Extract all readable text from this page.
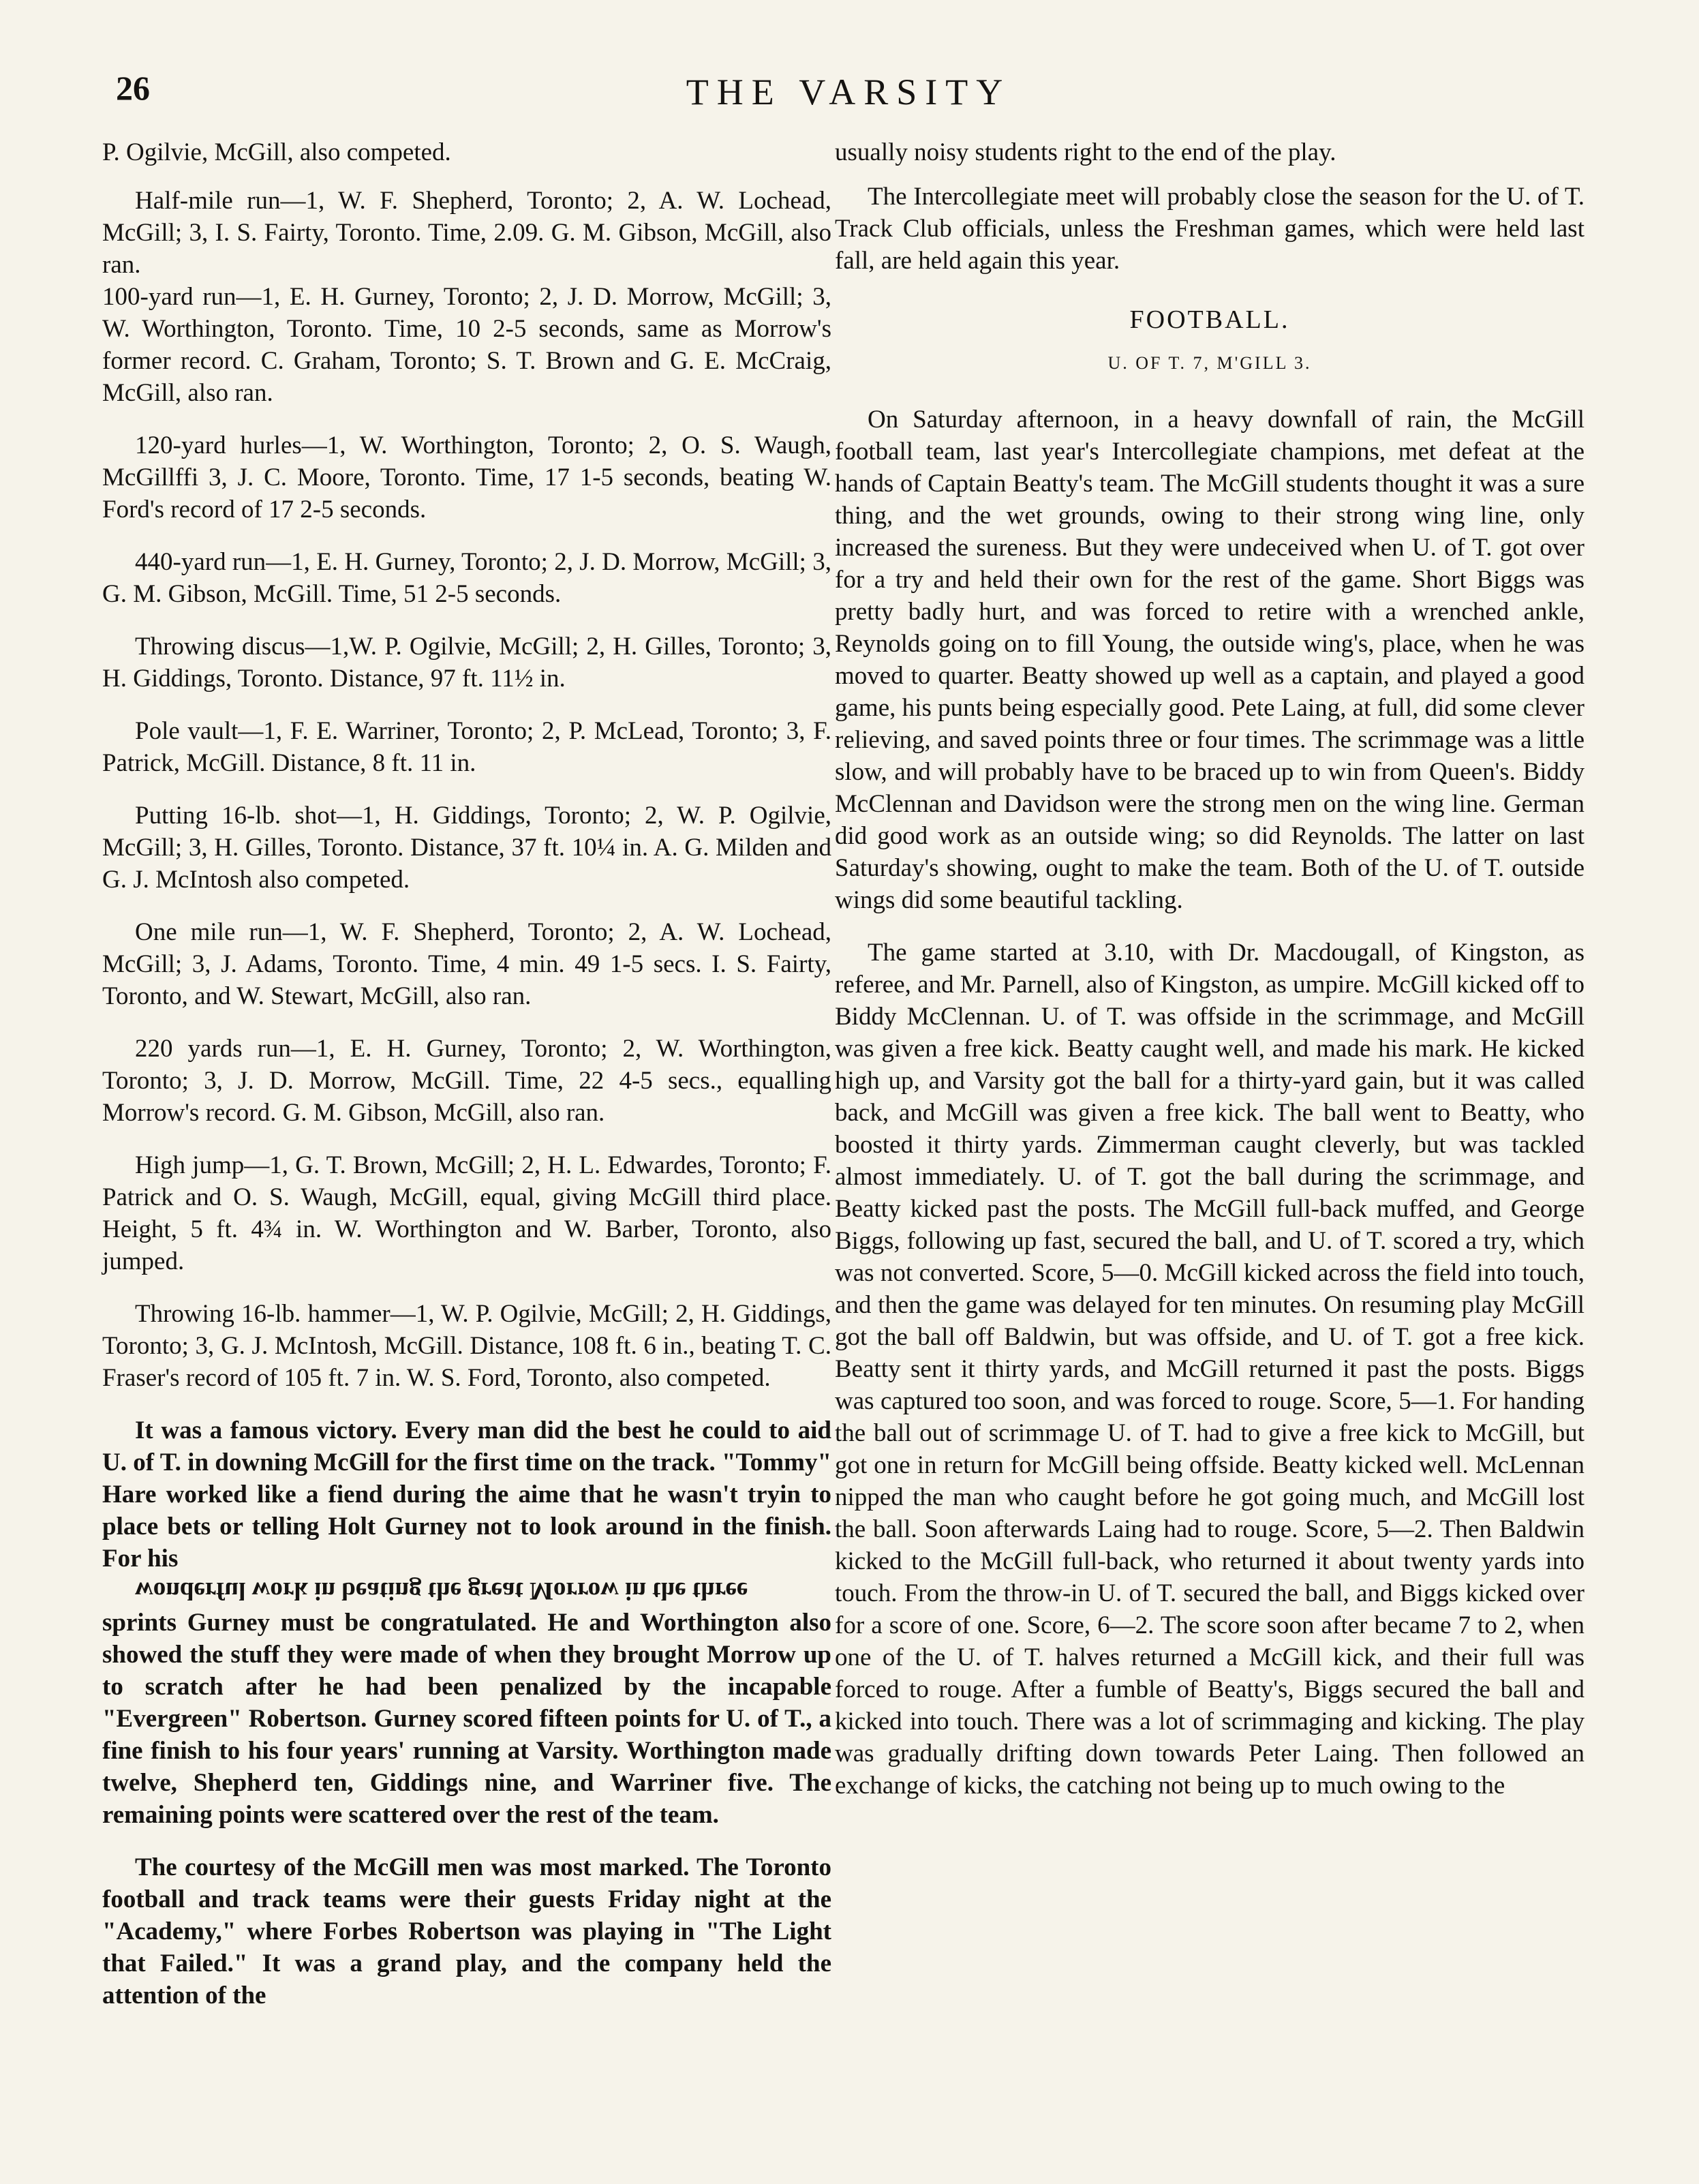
26	THE VARSITY

P. Ogilvie, McGill, also competed.

Half-mile run—1, W. F. Shepherd, Toronto; 2, A. W. Lochead, McGill; 3, I. S. Fairty, Toronto. Time, 2.09. G. M. Gibson, McGill, also ran.

100-yard run—1, E. H. Gurney, Toronto; 2, J. D. Morrow, McGill; 3, W. Worthington, Toronto. Time, 10 2-5 seconds, same as Morrow's former record. C. Graham, Toronto; S. T. Brown and G. E. McCraig, McGill, also ran.

120-yard hurles—1, W. Worthington, Toronto; 2, O. S. Waugh, McGillffi 3, J. C. Moore, Toronto. Time, 17 1-5 seconds, beating W. Ford's record of 17 2-5 seconds.

440-yard run—1, E. H. Gurney, Toronto; 2, J. D. Morrow, McGill; 3, G. M. Gibson, McGill. Time, 51 2-5 seconds.

Throwing discus—1,W. P. Ogilvie, McGill; 2, H. Gilles, Toronto; 3, H. Giddings, Toronto. Distance, 97 ft. 11½ in.

Pole vault—1, F. E. Warriner, Toronto; 2, P. McLead, Toronto; 3, F. Patrick, McGill. Distance, 8 ft. 11 in.

Putting 16-lb. shot—1, H. Giddings, Toronto; 2, W. P. Ogilvie, McGill; 3, H. Gilles, Toronto. Distance, 37 ft. 10¼ in. A. G. Milden and G. J. McIntosh also competed.

One mile run—1, W. F. Shepherd, Toronto; 2, A. W. Lochead, McGill; 3, J. Adams, Toronto. Time, 4 min. 49 1-5 secs. I. S. Fairty, Toronto, and W. Stewart, McGill, also ran.

220 yards run—1, E. H. Gurney, Toronto; 2, W. Worthington, Toronto; 3, J. D. Morrow, McGill. Time, 22 4-5 secs., equalling Morrow's record. G. M. Gibson, McGill, also ran.

High jump—1, G. T. Brown, McGill; 2, H. L. Edwardes, Toronto; F. Patrick and O. S. Waugh, McGill, equal, giving McGill third place. Height, 5 ft. 4¾ in. W. Worthington and W. Barber, Toronto, also jumped.

Throwing 16-lb. hammer—1, W. P. Ogilvie, McGill; 2, H. Giddings, Toronto; 3, G. J. McIntosh, McGill. Distance, 108 ft. 6 in., beating T. C. Fraser's record of 105 ft. 7 in. W. S. Ford, Toronto, also competed.

It was a famous victory. Every man did the best he could to aid U. of T. in downing McGill for the first time on the track. "Tommy" Hare worked like a fiend during the aime that he wasn't tryin to place bets or telling Holt Gurney not to look around in the finish. For his
wonderful work in beating the great Morrow in the three
sprints Gurney must be congratulated. He and Worthington also showed the stuff they were made of when they brought Morrow up to scratch after he had been penalized by the incapable "Evergreen" Robertson. Gurney scored fifteen points for U. of T., a fine finish to his four years' running at Varsity. Worthington made twelve, Shepherd ten, Giddings nine, and Warriner five. The remaining points were scattered over the rest of the team.

The courtesy of the McGill men was most marked. The Toronto football and track teams were their guests Friday night at the "Academy," where Forbes Robertson was playing in "The Light that Failed." It was a grand play, and the company held the attention of the

usually noisy students right to the end of the play.

The Intercollegiate meet will probably close the season for the U. of T. Track Club officials, unless the Freshman games, which were held last fall, are held again this year.

FOOTBALL.
U. OF T. 7, M'GILL 3.

On Saturday afternoon, in a heavy downfall of rain, the McGill football team, last year's Intercollegiate champions, met defeat at the hands of Captain Beatty's team. The McGill students thought it was a sure thing, and the wet grounds, owing to their strong wing line, only increased the sureness. But they were undeceived when U. of T. got over for a try and held their own for the rest of the game. Short Biggs was pretty badly hurt, and was forced to retire with a wrenched ankle, Reynolds going on to fill Young, the outside wing's, place, when he was moved to quarter. Beatty showed up well as a captain, and played a good game, his punts being especially good. Pete Laing, at full, did some clever relieving, and saved points three or four times. The scrimmage was a little slow, and will probably have to be braced up to win from Queen's. Biddy McClennan and Davidson were the strong men on the wing line. German did good work as an outside wing; so did Reynolds. The latter on last Saturday's showing, ought to make the team. Both of the U. of T. outside wings did some beautiful tackling.

The game started at 3.10, with Dr. Macdougall, of Kingston, as referee, and Mr. Parnell, also of Kingston, as umpire. McGill kicked off to Biddy McClennan. U. of T. was offside in the scrimmage, and McGill was given a free kick. Beatty caught well, and made his mark. He kicked high up, and Varsity got the ball for a thirty-yard gain, but it was called back, and McGill was given a free kick. The ball went to Beatty, who boosted it thirty yards. Zimmerman caught cleverly, but was tackled almost immediately. U. of T. got the ball during the scrimmage, and Beatty kicked past the posts. The McGill full-back muffed, and George Biggs, following up fast, secured the ball, and U. of T. scored a try, which was not converted. Score, 5—0. McGill kicked across the field into touch, and then the game was delayed for ten minutes. On resuming play McGill got the ball off Baldwin, but was offside, and U. of T. got a free kick. Beatty sent it thirty yards, and McGill returned it past the posts. Biggs was captured too soon, and was forced to rouge. Score, 5—1. For handing the ball out of scrimmage U. of T. had to give a free kick to McGill, but got one in return for McGill being offside. Beatty kicked well. McLennan nipped the man who caught before he got going much, and McGill lost the ball. Soon afterwards Laing had to rouge. Score, 5—2. Then Baldwin kicked to the McGill full-back, who returned it about twenty yards into touch. From the throw-in U. of T. secured the ball, and Biggs kicked over for a score of one. Score, 6—2. The score soon after became 7 to 2, when one of the U. of T. halves returned a McGill kick, and their full was forced to rouge. After a fumble of Beatty's, Biggs secured the ball and kicked into touch. There was a lot of scrimmaging and kicking. The play was gradually drifting down towards Peter Laing. Then followed an exchange of kicks, the catching not being up to much owing to the
